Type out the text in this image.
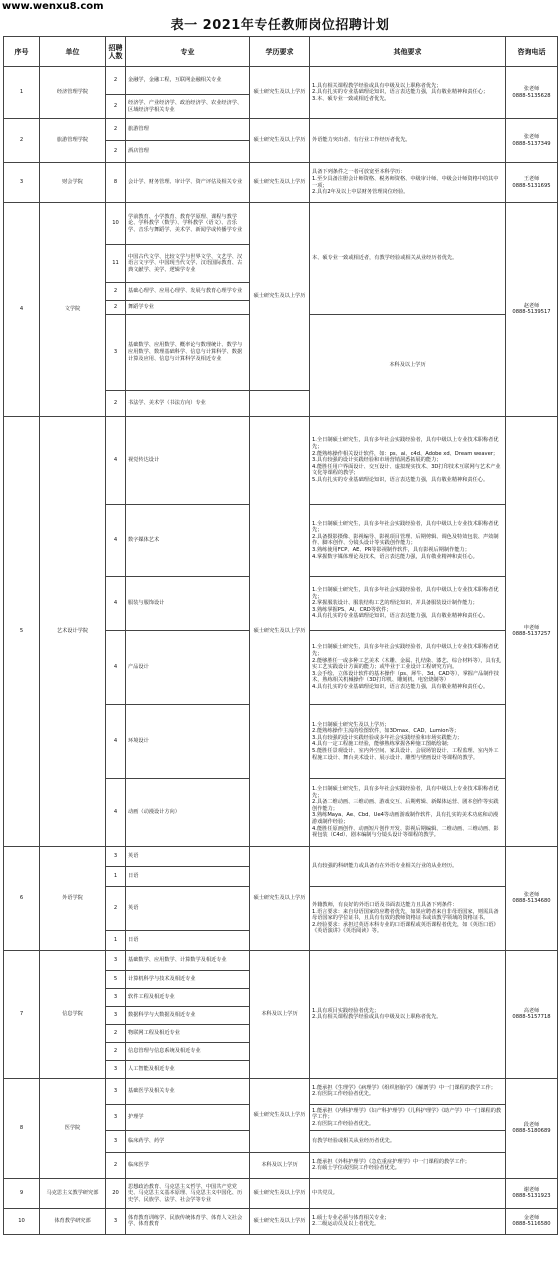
www.wenxu8.com
表一 2021年专任教师岗位招聘计划
序号	单位	招聘人数	专业	学历要求	其他要求	咨询电话	
1	经济管理学院	2	金融学，金融工程，互联网金融相关专业	硕士研究生及以上学历	1.具有相关课程教学经验或具有中级及以上职称者优先；
2.具有扎实的专业基础理论知识，语言表达能力强，具有敬业精神和责任心；
3.本、硕专业一致或相近者优先。	张老师
0888-5135628	
		2	经济学、产业经济学、政治经济学、农业经济学、区域经济学相关专业				
2	旅游管理学院	2	旅游管理	硕士研究生及以上学历	外语能力突出者、有行业工作经历者优先。	张老师
0888-5137349	
		2	酒店管理				
3	财会学院	8	会计学、财务管理、审计学、资产评估及相关专业	硕士研究生及以上学历	具备下列条件之一者可放宽至本科学历：
1.至少具备注册会计师资格、税务师资格、中级审计师、中级会计师资格中的其中一项；
2.具有2年及以上中层财务管理岗位经验。	王老师
0888-5131695	
4	文学院	10	学前教育、小学教育、教育学原理、课程与教学论、学科教学（数学）、学科教学（语文）、音乐学、音乐与舞蹈学、美术学、新闻学或传播学专业	硕士研究生及以上学历	本、硕专业一致或相近者，有教学经验或相关从业经历者优先。	赵老师
0888-5139517	
		11	中国古代文学、比较文学与世界文学、文艺学、汉语言文字学、中国现当代文学、汉语国际教育、古典文献学、美学、逻辑学专业				
		2	基础心理学、应用心理学、发展与教育心理学专业				
		2	舞蹈学专业				
		3	基础数学、应用数学、概率论与数理统计、数学与应用数学、数理基础科学、信息与计算科学、数据计算及应用、信息与计算科学及相近专业		本科及以上学历	
		2	书法学、美术学（书法方向）专业				
5	艺术设计学院	4	视觉传达设计	硕士研究生及以上学历	1.全日制硕士研究生，具有多年社会实践经验者，具有中级以上专业技术职称者优先；
2.能熟练操作相关设计软件，如：ps、ai、c4d、Adobe xd、Dream weaver；
3.具有较强的设计实践经验和市场营销洞悉拓展的能力；
4.能胜任用户界面设计、交互设计、虚拟现实技术、3D打印技术互联网与艺术产业文化等课程的教学；
5.具有扎实的专业基础理论知识，语言表达能力强，具有敬业精神和责任心。	申老师
0888-5137257	
		4	数字媒体艺术		1.全日制硕士研究生，具有多年社会实践经验者，具有中级以上专业技术职称者优先；
2.具备摄影摄像、影视编导、影视项目管理、后期剪辑、调色及特效包装、声效制作、脚本创作、分镜头设计等实践创作能力；
3.熟练使用FCP、AE、PR等影视制作软件，具有影视后期制作能力；
4.掌握数字媒体理论及技术，语言表达能力强，具有敬业精神和责任心。		
		4	服装与服饰设计		1.全日制硕士研究生，具有多年社会实践经验者，具有中级以上专业技术职称者优先；
2.掌握服装设计、服装结构工艺的理论知识，并具备服装设计制作能力；
3.熟练掌握PS、AI、CRD等软件；
4.具有扎实的专业基础理论知识，语言表达能力强，具有敬业精神和责任心。		
		4	产品设计		1.全日制硕士研究生，具有多年社会实践经验者，具有中级以上专业技术职称者优先；
2.能够胜任一或多种工艺美术（木雕、金属、扎结染、漆艺、综合材料等），具有扎实工艺实践设计方面的能力；或毕业于工业设计工程研究方向。
3.会手绘、立体设计软件的基本操作（ps、犀牛、3d、CAD等），掌握产品制作技术，熟练相关机械操作（3D打印机、雕刻机、电窑烧制等）
4.具有扎实的专业基础理论知识，语言表达能力强，具有敬业精神和责任心。		
		4	环境设计		1.全日制硕士研究生及以上学历；
2.能熟练操作主流的绘图软件，如3Dmax、CAD、Lumion等；
3.具有较强的设计实践经验或多年社会实践经验和市场实践能力；
4.具有一定工程施工经验，能够熟练掌握各种施工图纸绘制；
5.能胜任景观设计、室内外空间、家具设计、会展场馆设计、工程监理、室内外工程施工设计、舞台美术设计、展示设计、雕塑与壁画设计等课程的教学。		
		4	动画（动漫设计方向）		1.全日制硕士研究生，具有多年社会实践经验者，具有中级以上专业技术职称者优先；
2.具备二维动画、三维动画、游戏交互、后期剪辑、新媒体运营、剧本创作等实践创作能力；
3.熟练Maya、Ae、Cbd、Ue4等动画游戏制作软件，具有扎实的美术功底和动漫游戏制作经验；
4.能胜任原画创作、动画短片创作开发、影视后期编辑、二维动画、三维动画、影视包装（C4d）、剧本编制与分镜头设计等课程的教学。		
6	外语学院	3	英语	硕士研究生及以上学历	具有较强的科研能力或具备有在外语专业相关行业的从业经历。	张老师
0888-5134680	
		1	日语				
		2	英语		外籍教师，有良好的外语口语及书面表达能力且具备下列条件：
1.语言要求：来自母语国家的应聘者优先，如果应聘者来自非母语国家，则需具备母语国家的学位证书，且具有有效的教师资格证书或该教学领域的资格证书。
2.经验要求：承担过英语本科专业的口语课程或英语课程者优先，如《英语口语》《英语演讲》《英语阅读》等。		
		1	日语				
7	信息学院	3	基础数学、应用数学、计算数学及相近专业	本科及以上学历	1.具有项目实践经验者优先；
2.具有相关课程教学经验或具有中级及以上职称者优先。	高老师
0888-5157718	
		5	计算机科学与技术及相近专业				
		3	软件工程及相近专业				
		3	数据科学与大数据及相近专业				
		2	物联网工程及相近专业				
		2	信息管理与信息系统及相近专业				
		3	人工智能及相近专业				
8	医学院	3	基础医学及相关专业	硕士研究生及以上学历	1.能承担《生理学》《病理学》《组织胚胎学》《解剖学》中一门课程的教学工作；
2.有医院工作经验者优先。	段老师
0888-5180689	
		3	护理学		1.能承担《内科护理学》《妇产科护理学》《儿科护理学》《助产学》中一门课程的教学工作；
2.有医院工作经验者优先。		
		3	临床药学、药学		有教学经验或相关从业经历者优先。		
		2	临床医学	本科及以上学历	1.能承担《外科护理学》《急危重症护理学》中一门课程的教学工作；
2.有硕士学位或医院工作经验者优先。		
9	马克思主义教学研究部	20	思想政治教育、马克思主义哲学、中国共产党党史、马克思主义基本原理、马克思主义中国化、历史学、民族学、法学、社会学等专业	硕士研究生及以上学历	中共党员。	谢老师
0888-5131923	
10	体育教学研究部	3	体育教育训练学、民族传统体育学、体育人文社会学、体育教育	硕士研究生及以上学历	1.硕士专业必须与体育相关专业；
2.二级运动员及以上者优先。	金老师
0888-5116580	
